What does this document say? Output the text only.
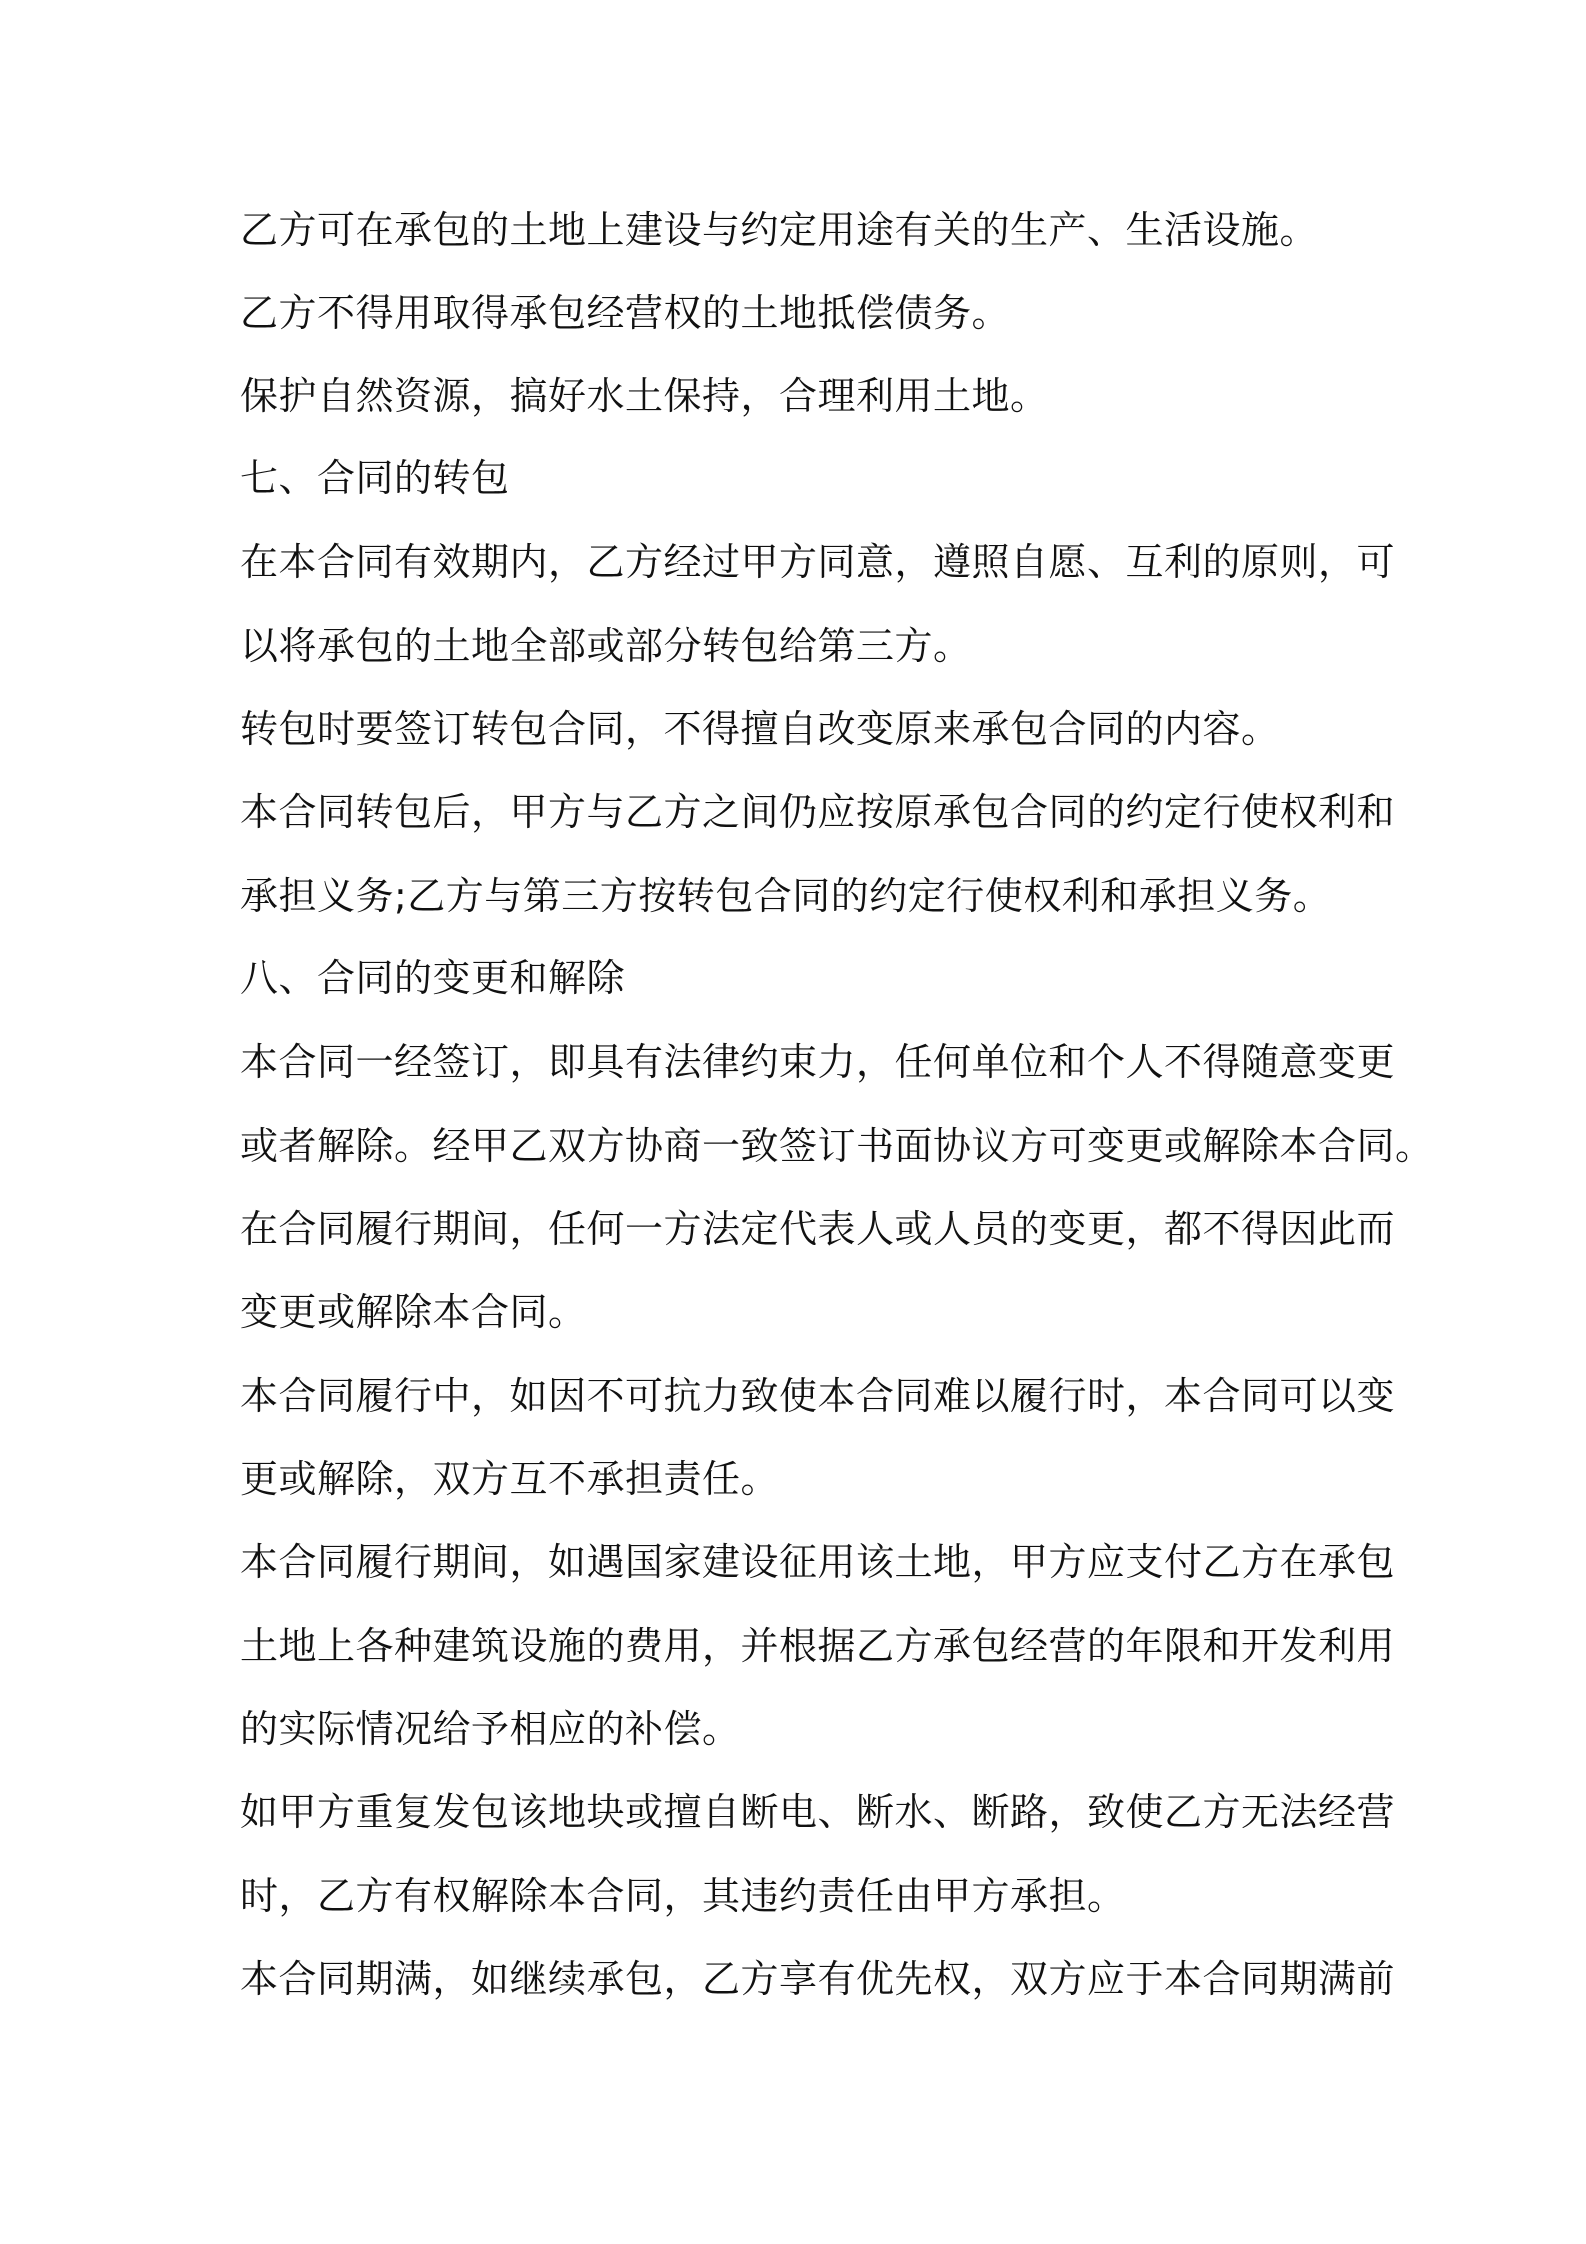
乙方可在承包的土地上建设与约定用途有关的生产、生活设施。
乙方不得用取得承包经营权的土地抵偿债务。
保护自然资源，搞好水土保持，合理利用土地。
七、合同的转包
在本合同有效期内，乙方经过甲方同意，遵照自愿、互利的原则，可
以将承包的土地全部或部分转包给第三方。
转包时要签订转包合同，不得擅自改变原来承包合同的内容。
本合同转包后，甲方与乙方之间仍应按原承包合同的约定行使权利和
承担义务;乙方与第三方按转包合同的约定行使权利和承担义务。
八、合同的变更和解除
本合同一经签订，即具有法律约束力，任何单位和个人不得随意变更
或者解除。经甲乙双方协商一致签订书面协议方可变更或解除本合同。
在合同履行期间，任何一方法定代表人或人员的变更，都不得因此而
变更或解除本合同。
本合同履行中，如因不可抗力致使本合同难以履行时，本合同可以变
更或解除，双方互不承担责任。
本合同履行期间，如遇国家建设征用该土地，甲方应支付乙方在承包
土地上各种建筑设施的费用，并根据乙方承包经营的年限和开发利用
的实际情况给予相应的补偿。
如甲方重复发包该地块或擅自断电、断水、断路，致使乙方无法经营
时，乙方有权解除本合同，其违约责任由甲方承担。
本合同期满，如继续承包，乙方享有优先权，双方应于本合同期满前
